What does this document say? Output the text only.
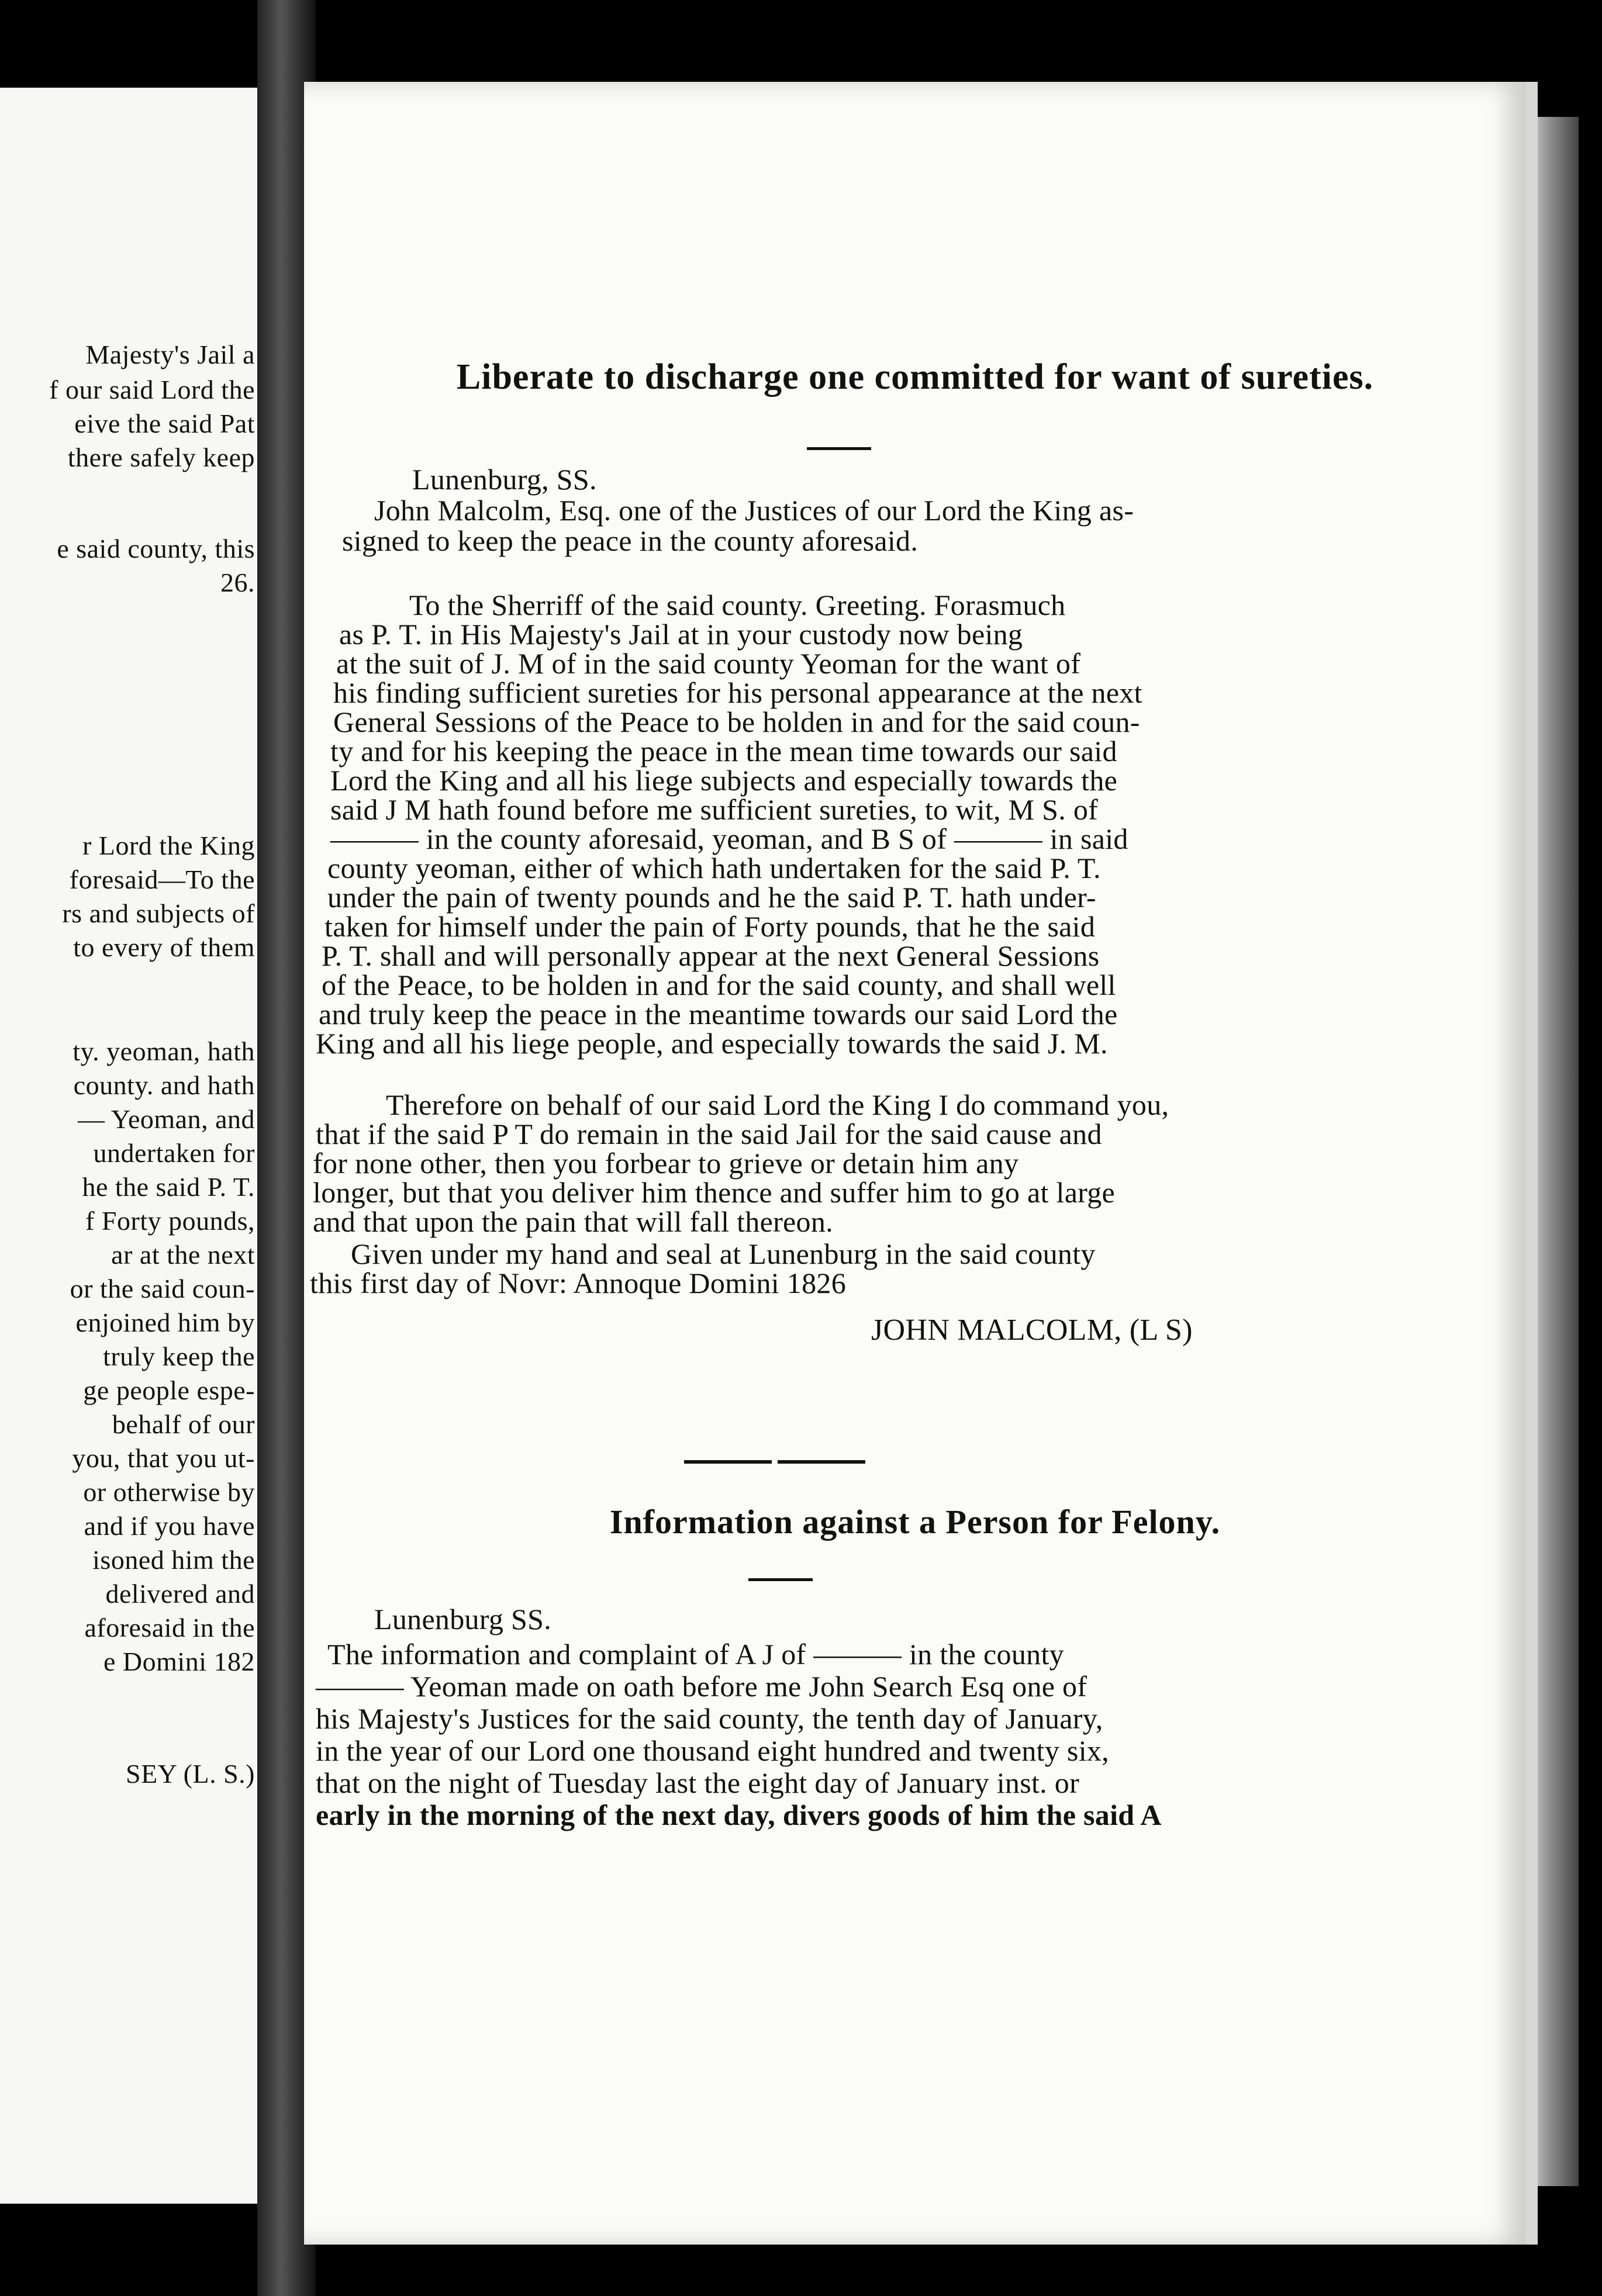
Majesty's Jail a
f our said Lord the
eive the said Pat
there safely keep
e said county, this
26.
r Lord the King
foresaid—To the
rs and subjects of
to every of them
ty. yeoman, hath
county. and hath
— Yeoman, and
undertaken for
he the said P. T.
f Forty pounds,
ar at the next
or the said coun-
enjoined him by
truly keep the
ge people espe-
behalf of our
you, that you ut-
or otherwise by
and if you have
isoned him the
delivered and
aforesaid in the
e Domini 182
SEY (L. S.)
Liberate to discharge one committed for want of sureties.
Lunenburg, SS.
John Malcolm, Esq. one of the Justices of our Lord the King as-
signed to keep the peace in the county aforesaid.
To the Sherriff of the said county. Greeting. Forasmuch
as P. T. in His Majesty's Jail at in your custody now being
at the suit of J. M of in the said county Yeoman for the want of
his finding sufficient sureties for his personal appearance at the next
General Sessions of the Peace to be holden in and for the said coun-
ty and for his keeping the peace in the mean time towards our said
Lord the King and all his liege subjects and especially towards the
said J M hath found before me sufficient sureties, to wit, M S. of
——— in the county aforesaid, yeoman, and B S of ——— in said
county yeoman, either of which hath undertaken for the said P. T.
under the pain of twenty pounds and he the said P. T. hath under-
taken for himself under the pain of Forty pounds, that he the said
P. T. shall and will personally appear at the next General Sessions
of the Peace, to be holden in and for the said county, and shall well
and truly keep the peace in the meantime towards our said Lord the
King and all his liege people, and especially towards the said J. M.
Therefore on behalf of our said Lord the King I do command you,
that if the said P T do remain in the said Jail for the said cause and
for none other, then you forbear to grieve or detain him any
longer, but that you deliver him thence and suffer him to go at large
and that upon the pain that will fall thereon.
Given under my hand and seal at Lunenburg in the said county
this first day of Novr: Annoque Domini 1826
JOHN MALCOLM, (L S)
Information against a Person for Felony.
Lunenburg SS.
The information and complaint of A J of ——— in the county
——— Yeoman made on oath before me John Search Esq one of
his Majesty's Justices for the said county, the tenth day of January,
in the year of our Lord one thousand eight hundred and twenty six,
that on the night of Tuesday last the eight day of January inst. or
early in the morning of the next day, divers goods of him the said A
